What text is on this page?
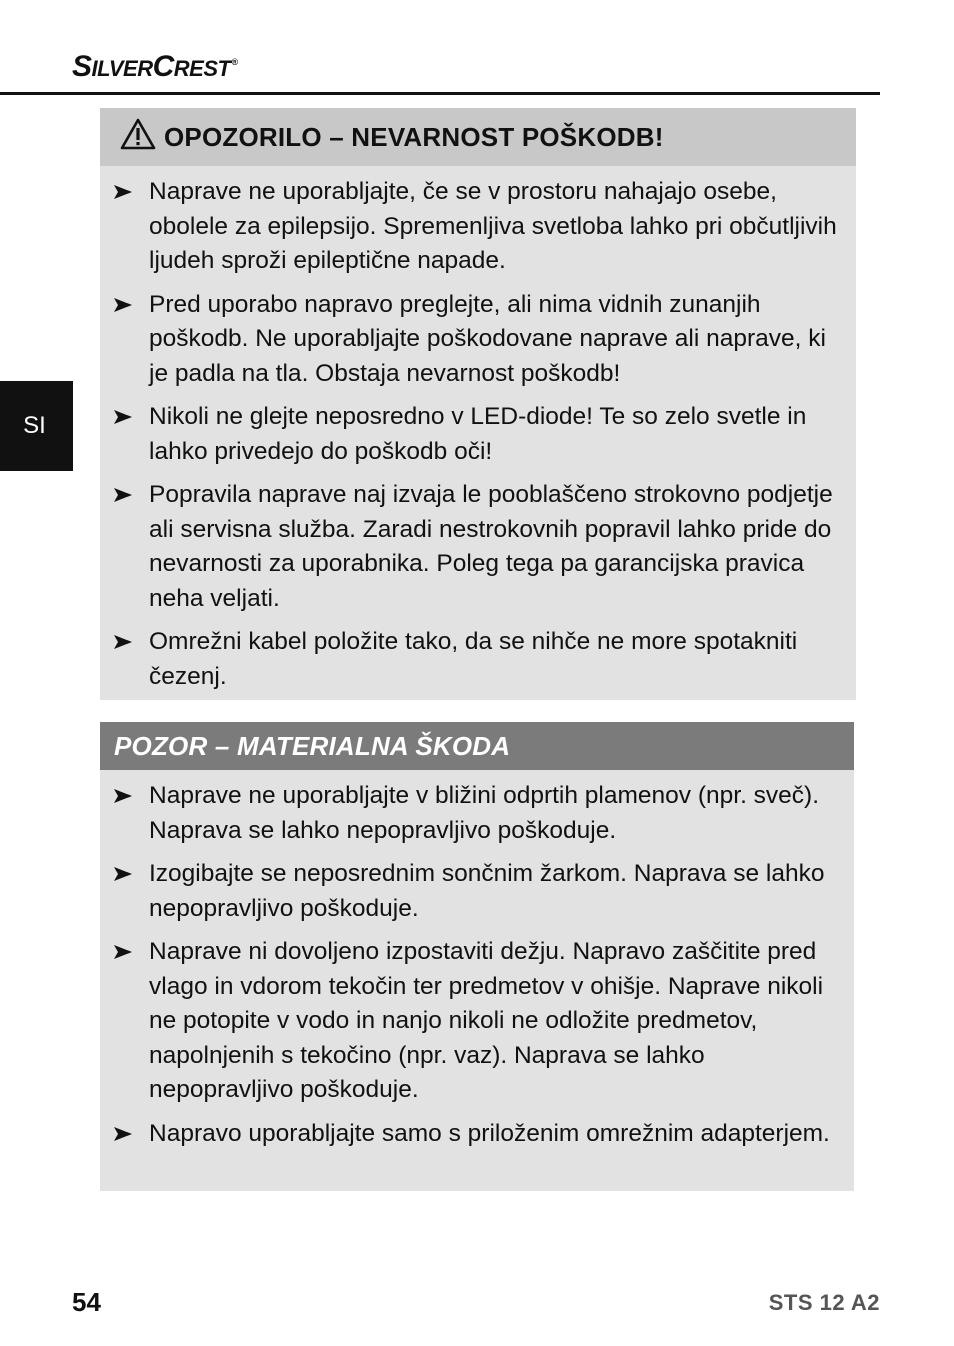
SILVERCREST®
SI
OPOZORILO – NEVARNOST POŠKODB!
Naprave ne uporabljajte, če se v prostoru nahajajo osebe, obolele za epilepsijo. Spremenljiva svetloba lahko pri občutljivih ljudeh sproži epileptične napade.
Pred uporabo napravo preglejte, ali nima vidnih zunanjih poškodb. Ne uporabljajte poškodovane naprave ali naprave, ki je padla na tla. Obstaja nevarnost poškodb!
Nikoli ne glejte neposredno v LED-diode! Te so zelo svetle in lahko privedejo do poškodb oči!
Popravila naprave naj izvaja le pooblaščeno strokovno podjetje ali servisna služba. Zaradi nestrokovnih popravil lahko pride do nevarnosti za uporabnika. Poleg tega pa garancijska pravica neha veljati.
Omrežni kabel položite tako, da se nihče ne more spotakniti čezenj.
POZOR – MATERIALNA ŠKODA
Naprave ne uporabljajte v bližini odprtih plamenov (npr. sveč). Naprava se lahko nepopravljivo poškoduje.
Izogibajte se neposrednim sončnim žarkom. Naprava se lahko nepopravljivo poškoduje.
Naprave ni dovoljeno izpostaviti dežju. Napravo zaščitite pred vlago in vdorom tekočin ter predmetov v ohišje. Naprave nikoli ne potopite v vodo in nanjo nikoli ne odložite predmetov, napolnjenih s tekočino (npr. vaz). Naprava se lahko nepopravljivo poškoduje.
Napravo uporabljajte samo s priloženim omrežnim adapterjem.
54	STS 12 A2
